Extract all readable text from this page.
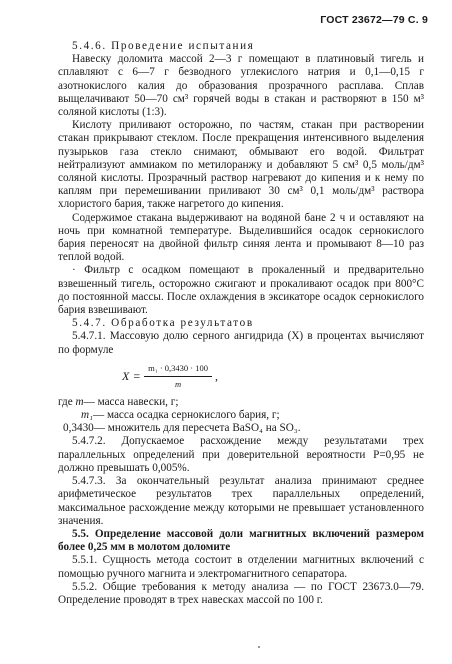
ГОСТ 23672—79 С. 9

5.4.6. Проведение испытания

Навеску доломита массой 2—3 г помещают в платиновый тигель и сплавляют с 6—7 г безводного углекислого натрия и 0,1—0,15 г азотнокислого калия до образования прозрачного расплава. Сплав выщелачивают 50—70 см³ горячей воды в стакан и растворяют в 150 м³ соляной кислоты (1:3).

Кислоту приливают осторожно, по частям, стакан при растворении стакан прикрывают стеклом. После прекращения интенсивного выделения пузырьков газа стекло снимают, обмывают его водой. Фильтрат нейтрализуют аммиаком по метилоранжу и добавляют 5 см³ 0,5 моль/дм³ соляной кислоты. Прозрачный раствор нагревают до кипения и к нему по каплям при перемешивании приливают 30 см³ 0,1 моль/дм³ раствора хлористого бария, также нагретого до кипения.

Содержимое стакана выдерживают на водяной бане 2 ч и оставляют на ночь при комнатной температуре. Выделившийся осадок сернокислого бария переносят на двойной фильтр синяя лента и промывают 8—10 раз теплой водой.

· Фильтр с осадком помещают в прокаленный и предварительно взвешенный тигель, осторожно сжигают и прокаливают осадок при 800°С до постоянной массы. После охлаждения в эксикаторе осадок сернокислого бария взвешивают.

5.4.7. Обработка результатов

5.4.7.1. Массовую долю серного ангидрида (X) в процентах вычисляют по формуле

$X = \frac{\text{m₁ · 0,3430 · 100}}{m}$ ,
где m — масса навески, г;
m₁ — масса осадка сернокислого бария, г;
0,3430 — множитель для пересчета BaSO₄ на SO₃.

5.4.7.2. Допускаемое расхождение между результатами трех параллельных определений при доверительной вероятности P=0,95 не должно превышать 0,005%.

5.4.7.3. За окончательный результат анализа принимают среднее арифметическое результатов трех параллельных определений, максимальное расхождение между которыми не превышает установленного значения.

5.5. Определение массовой доли магнитных включений размером более 0,25 мм в молотом доломите

5.5.1. Сущность метода состоит в отделении магнитных включений с помощью ручного магнита и электромагнитного сепаратора.

5.5.2. Общие требования к методу анализа — по ГОСТ 23673.0—79. Определение проводят в трех навесках массой по 100 г.
